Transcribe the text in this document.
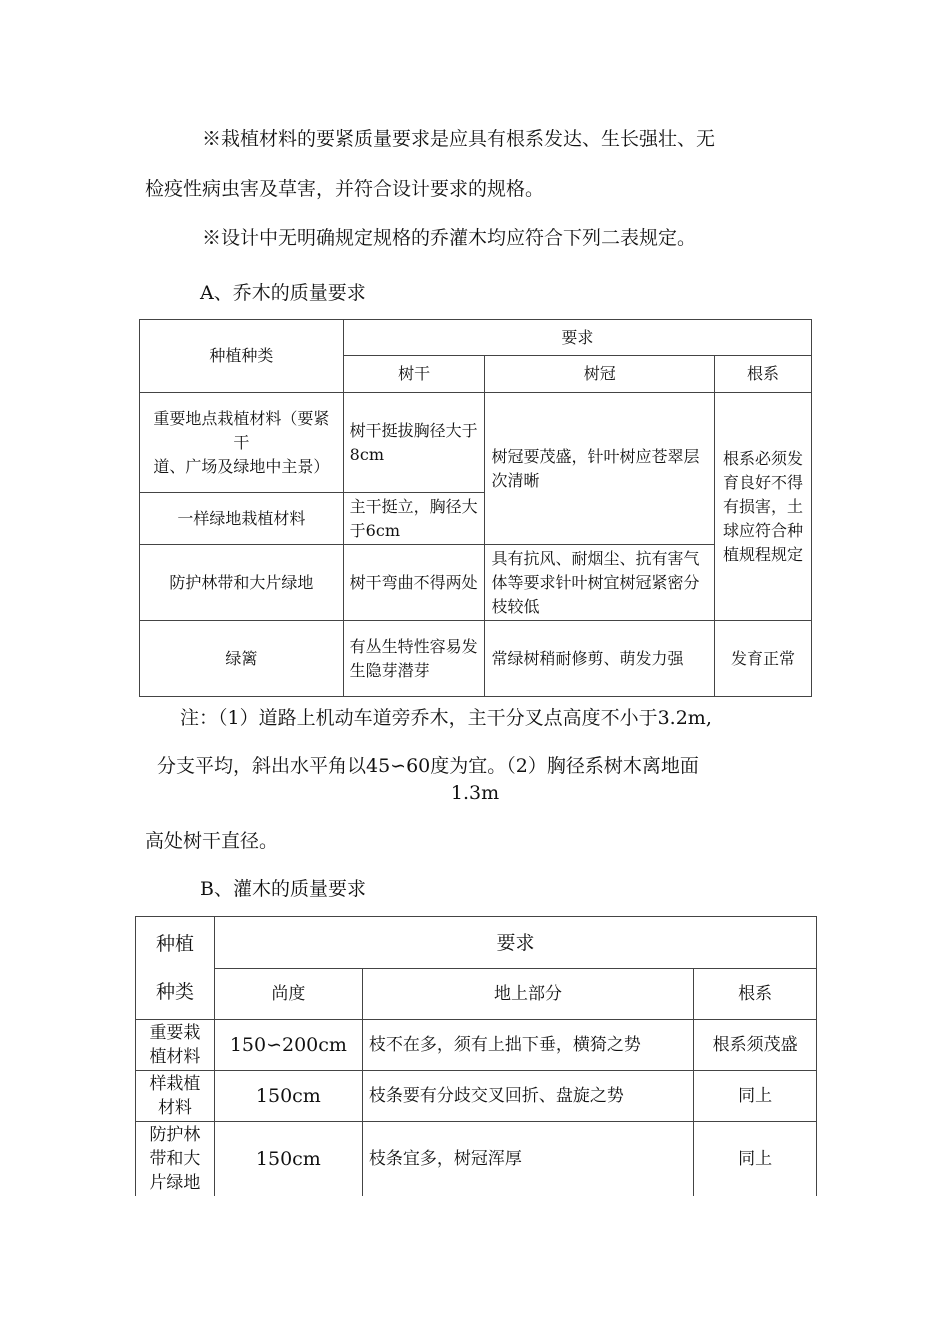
※栽植材料的要紧质量要求是应具有根系发达、生长强壮、无
检疫性病虫害及草害，并符合设计要求的规格。
※设计中无明确规定规格的乔灌木均应符合下列二表规定。
A、乔木的质量要求
种植种类	要求		
	树干	树冠	根系
重要地点栽植材料（要紧干
道、广场及绿地中主景）	树干挺拔胸径大于8cm	树冠要茂盛，针叶树应苍翠层次清晰	根系必须发育良好不得有损害，土球应符合种植规程规定
一样绿地栽植材料	主干挺立，胸径大于6cm		
防护林带和大片绿地	树干弯曲不得两处	具有抗风、耐烟尘、抗有害气体等要求针叶树宜树冠紧密分枝较低	
绿篱	有丛生特性容易发生隐芽潜芽	常绿树稍耐修剪、萌发力强	发育正常
注：（1）道路上机动车道旁乔木，主干分叉点高度不小于3.2m,
分支平均，斜出水平角以45∽60度为宜。（2）胸径系树木离地面
1.3m
高处树干直径。
B、灌木的质量要求
种植

种类	要求		
	尚度	地上部分	根系
重要栽
植材料	150∽200cm	枝不在多，须有上拙下垂，横猗之势	根系须茂盛
样栽植
材料	150cm	枝条要有分歧交叉回折、盘旋之势	同上
防护林
带和大
片绿地	150cm	枝条宜多，树冠浑厚	同上
